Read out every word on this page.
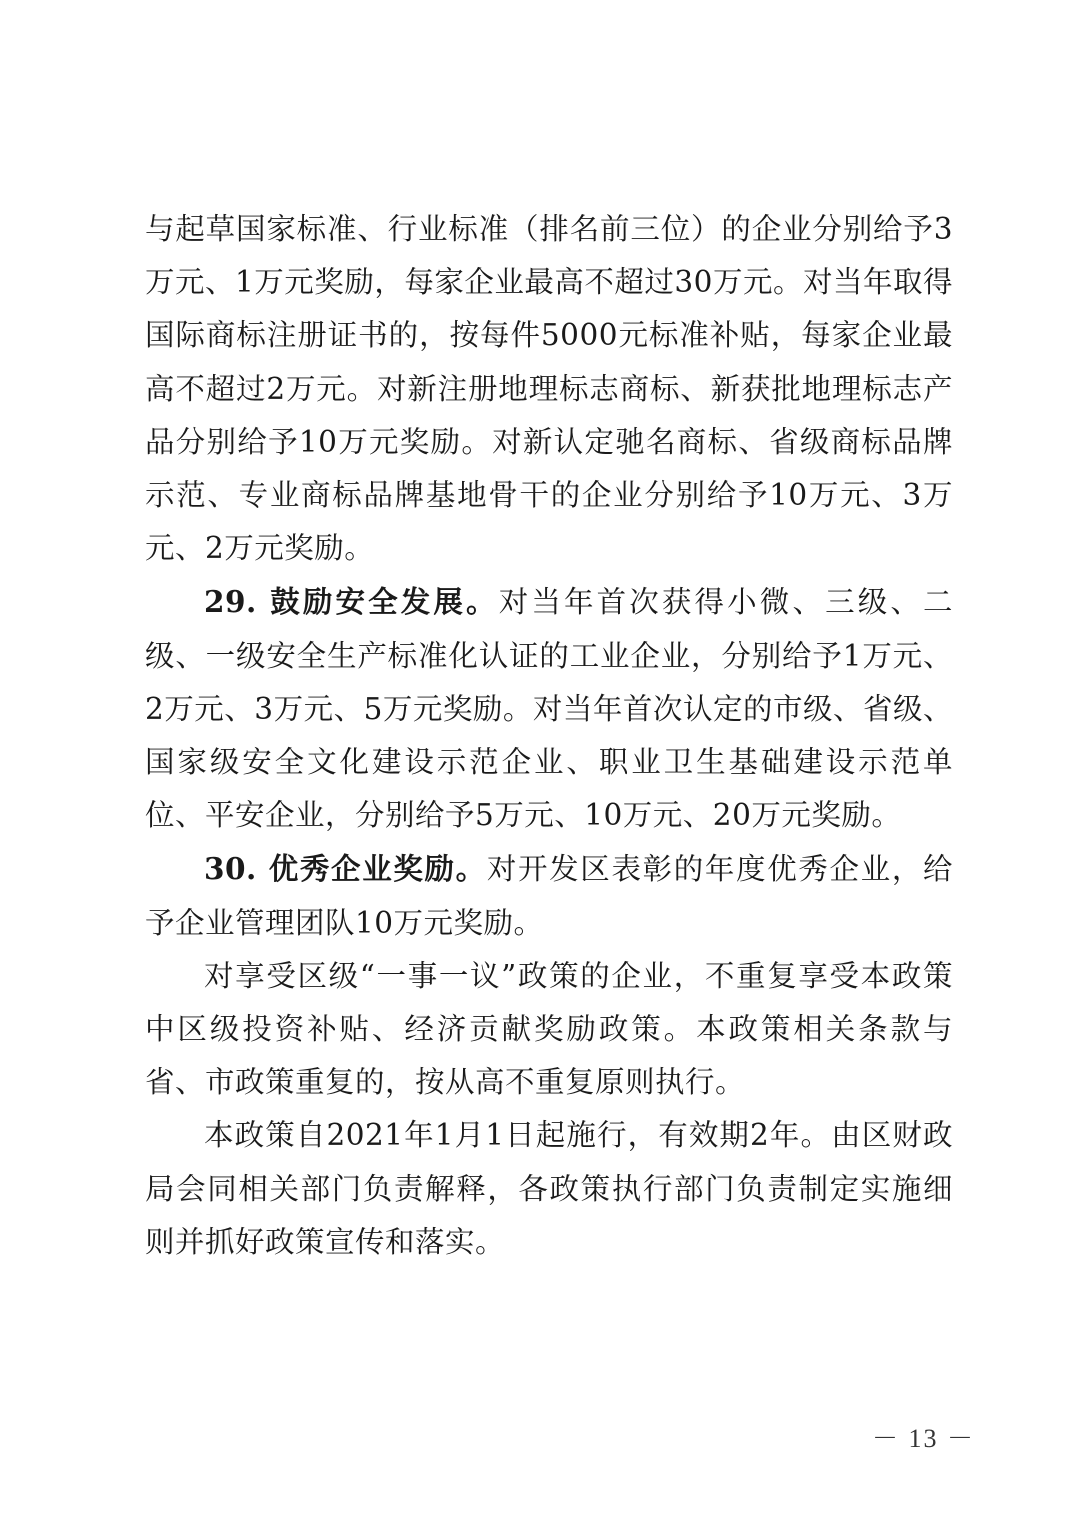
与起草国家标准、行业标准（排名前三位）的企业分别给予3万元、1万元奖励，每家企业最高不超过30万元。对当年取得国际商标注册证书的，按每件5000元标准补贴，每家企业最高不超过2万元。对新注册地理标志商标、新获批地理标志产品分别给予10万元奖励。对新认定驰名商标、省级商标品牌示范、专业商标品牌基地骨干的企业分别给予10万元、3万元、2万元奖励。

29. 鼓励安全发展。对当年首次获得小微、三级、二级、一级安全生产标准化认证的工业企业，分别给予1万元、2万元、3万元、5万元奖励。对当年首次认定的市级、省级、国家级安全文化建设示范企业、职业卫生基础建设示范单位、平安企业，分别给予5万元、10万元、20万元奖励。

30. 优秀企业奖励。对开发区表彰的年度优秀企业，给予企业管理团队10万元奖励。

对享受区级“一事一议”政策的企业，不重复享受本政策中区级投资补贴、经济贡献奖励政策。本政策相关条款与省、市政策重复的，按从高不重复原则执行。

本政策自2021年1月1日起施行，有效期2年。由区财政局会同相关部门负责解释，各政策执行部门负责制定实施细则并抓好政策宣传和落实。

－ 13 －
